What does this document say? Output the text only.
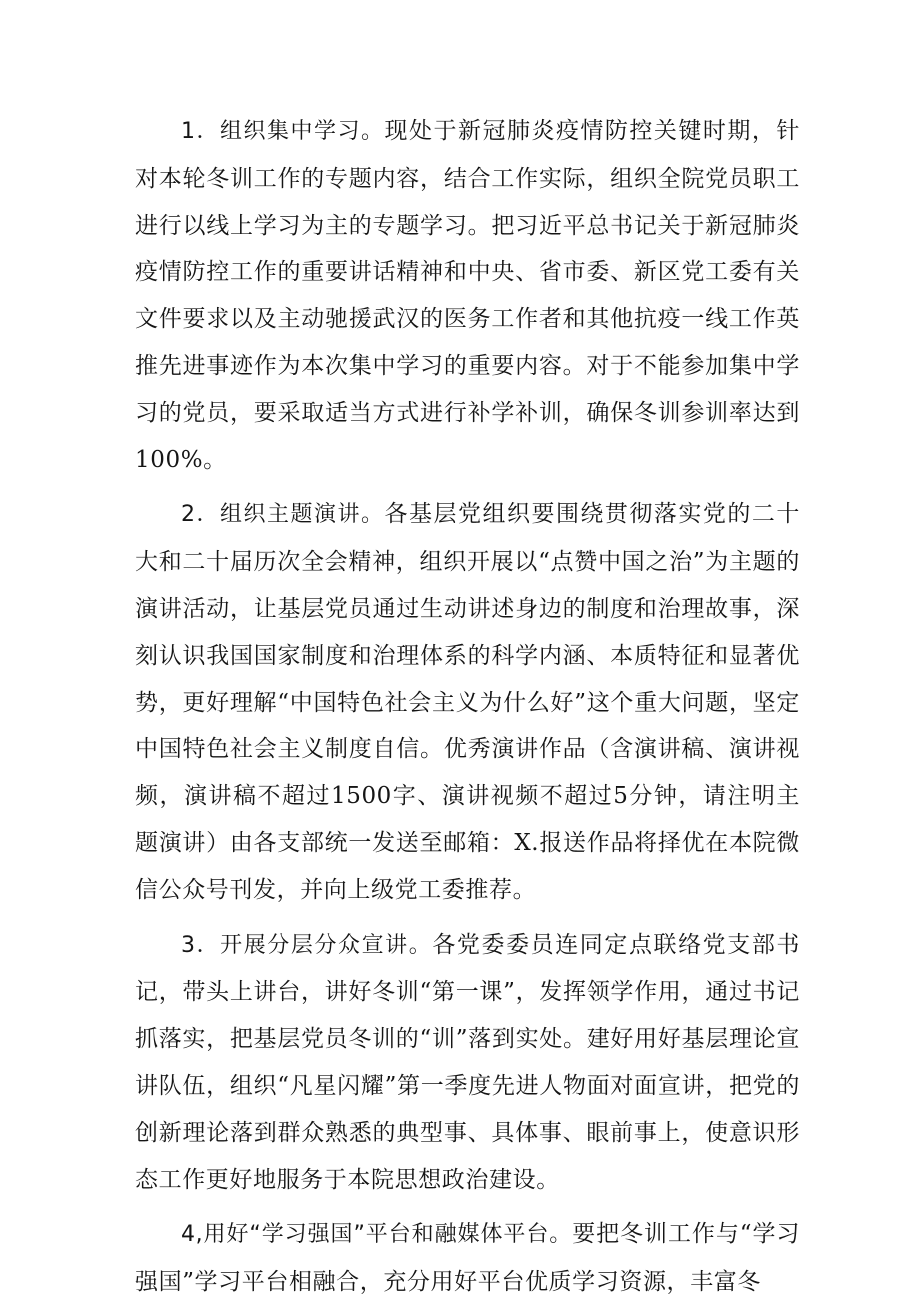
1．组织集中学习。现处于新冠肺炎疫情防控关键时期，针对本轮冬训工作的专题内容，结合工作实际，组织全院党员职工进行以线上学习为主的专题学习。把习近平总书记关于新冠肺炎疫情防控工作的重要讲话精神和中央、省市委、新区党工委有关文件要求以及主动驰援武汉的医务工作者和其他抗疫一线工作英推先进事迹作为本次集中学习的重要内容。对于不能参加集中学习的党员，要采取适当方式进行补学补训，确保冬训参训率达到100%。

2．组织主题演讲。各基层党组织要围绕贯彻落实党的二十大和二十届历次全会精神，组织开展以“点赞中国之治”为主题的演讲活动，让基层党员通过生动讲述身边的制度和治理故事，深刻认识我国国家制度和治理体系的科学内涵、本质特征和显著优势，更好理解“中国特色社会主义为什么好”这个重大问题，坚定中国特色社会主义制度自信。优秀演讲作品（含演讲稿、演讲视频，演讲稿不超过1500字、演讲视频不超过5分钟，请注明主题演讲）由各支部统一发送至邮箱：X.报送作品将择优在本院微信公众号刊发，并向上级党工委推荐。

3．开展分层分众宣讲。各党委委员连同定点联络党支部书记，带头上讲台，讲好冬训“第一课”，发挥领学作用，通过书记抓落实，把基层党员冬训的“训”落到实处。建好用好基层理论宣讲队伍，组织“凡星闪耀”第一季度先进人物面对面宣讲，把党的创新理论落到群众熟悉的典型事、具体事、眼前事上，使意识形态工作更好地服务于本院思想政治建设。

4,用好“学习强国”平台和融媒体平台。要把冬训工作与“学习强国”学习平台相融合，充分用好平台优质学习资源，丰富冬
